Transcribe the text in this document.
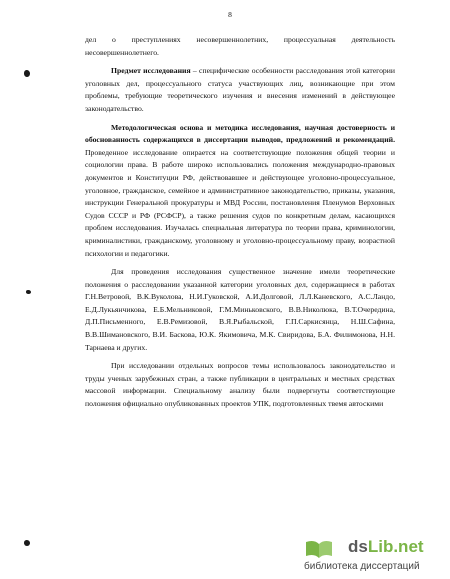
8

дел о преступлениях несовершеннолетних, процессуальная деятельность несовершеннолетнего.

Предмет исследования – специфические особенности расследования этой категории уголовных дел, процессуального статуса участвующих лиц, возникающие при этом проблемы, требующие теоретического изучения и внесения изменений в действующее законодательство.

Методологическая основа и методика исследования, научная достоверность и обоснованность содержащихся в диссертации выводов, предложений и рекомендаций. Проведенное исследование опирается на соответствующие положения общей теории и социологии права. В работе широко использовались положения международно-правовых документов и Конституции РФ, действовавшее и действующее уголовно-процессуальное, уголовное, гражданское, семейное и административное законодательство, приказы, указания, инструкции Генеральной прокуратуры и МВД России, постановления Пленумов Верховных Судов СССР и РФ (РСФСР), а также решения судов по конкретным делам, касающихся проблем исследования. Изучалась специальная литература по теории права, криминологии, криминалистики, гражданскому, уголовному и уголовно-процессуальному праву, возрастной психологии и педагогики.

Для проведения исследования существенное значение имели теоретические положения о расследовании указанной категории уголовных дел, содержащиеся в работах Г.Н.Ветровой, В.К.Вуколова, Н.И.Гуковской, А.И.Долговой, Л.Л.Каневского, А.С.Ландо, Е.Д.Лукьянчикова, Е.Б.Мельниковой, Г.М.Миньковского, В.В.Николюка, В.Т.Очередина, Д.П.Письменного, Е.В.Ремизовой, В.Я.Рыбальской, Г.П.Саркисянца, Н.Ш.Сафина, В.В.Шимановского, В.И. Баскова, Ю.К. Якимовича, М.К. Свиридова, Б.А. Филимонова, Н.Н. Тарнаева и других.

При исследовании отдельных вопросов темы использовалось законодательство и труды ученых зарубежных стран, а также публикации в центральных и местных средствах массовой информации. Специальному анализу были подвергнуты соответствующие положения официально опубликованных проектов УПК, подготовленных твемя автоскими

dsLib.net
библиотека диссертаций
